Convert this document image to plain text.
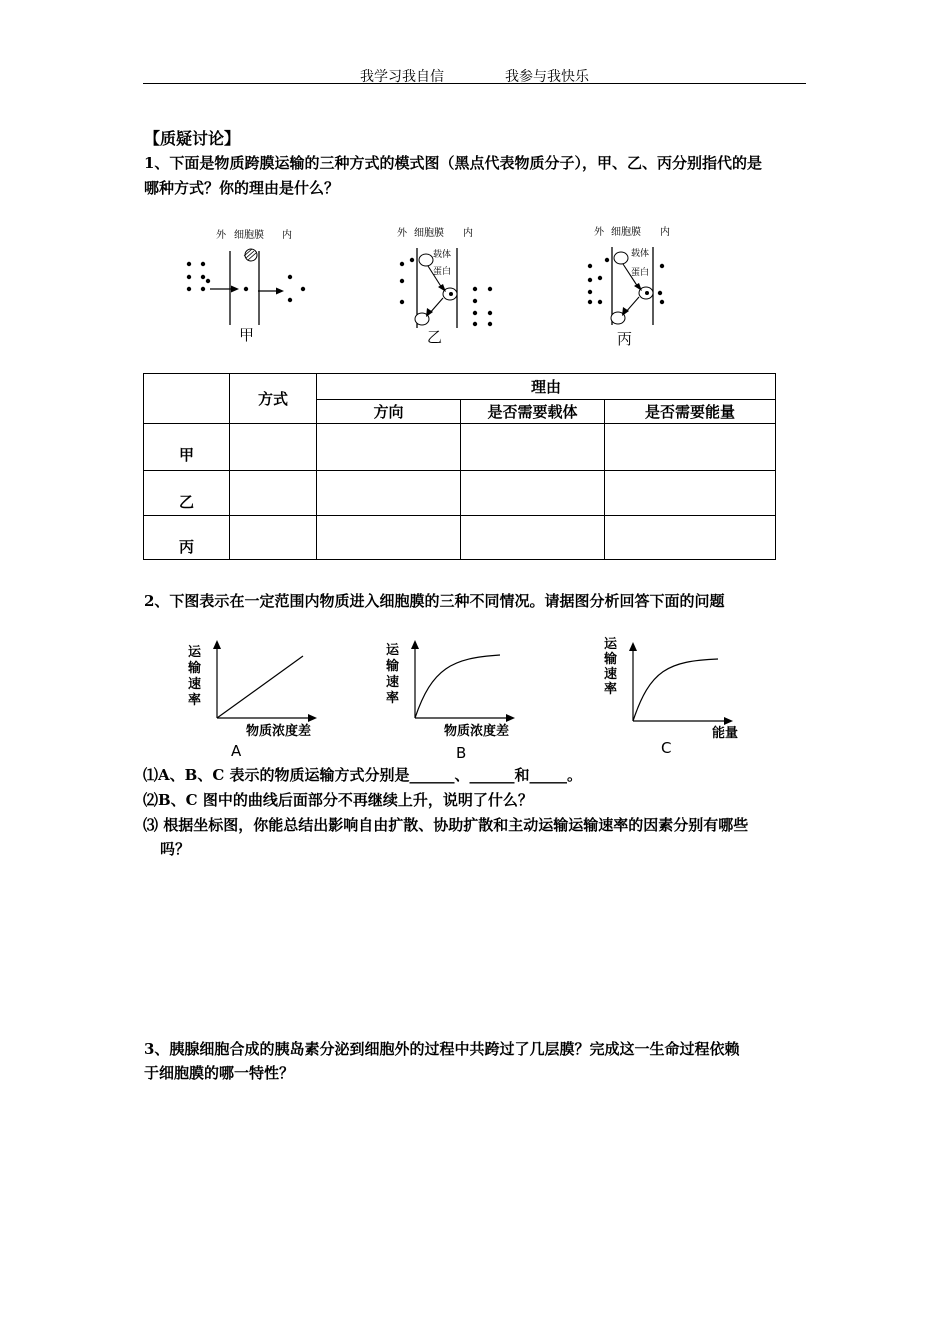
我学习我自信	我参与我快乐
【质疑讨论】
1、下面是物质跨膜运输的三种方式的模式图（黑点代表物质分子），甲、乙、丙分别指代的是
哪种方式？你的理由是什么？
外 细胞膜 内
甲
外 细胞膜 内
载体
蛋白
乙
外 细胞膜 内
载体
蛋白
丙
	方式	理由		
		方向	是否需要载体	是否需要能量
甲				
乙				
丙				
2、下图表示在一定范围内物质进入细胞膜的三种不同情况。请据图分析回答下面的问题
运
输
速
率
物质浓度差
A
运
输
速
率
物质浓度差
B
运
输
速
率
能量
C
⑴A、B、C 表示的物质运输方式分别是______、______和_____。
⑵B、C 图中的曲线后面部分不再继续上升，说明了什么？
⑶ 根据坐标图，你能总结出影响自由扩散、协助扩散和主动运输运输速率的因素分别有哪些
吗？
3、胰腺细胞合成的胰岛素分泌到细胞外的过程中共跨过了几层膜？完成这一生命过程依赖
于细胞膜的哪一特性？
